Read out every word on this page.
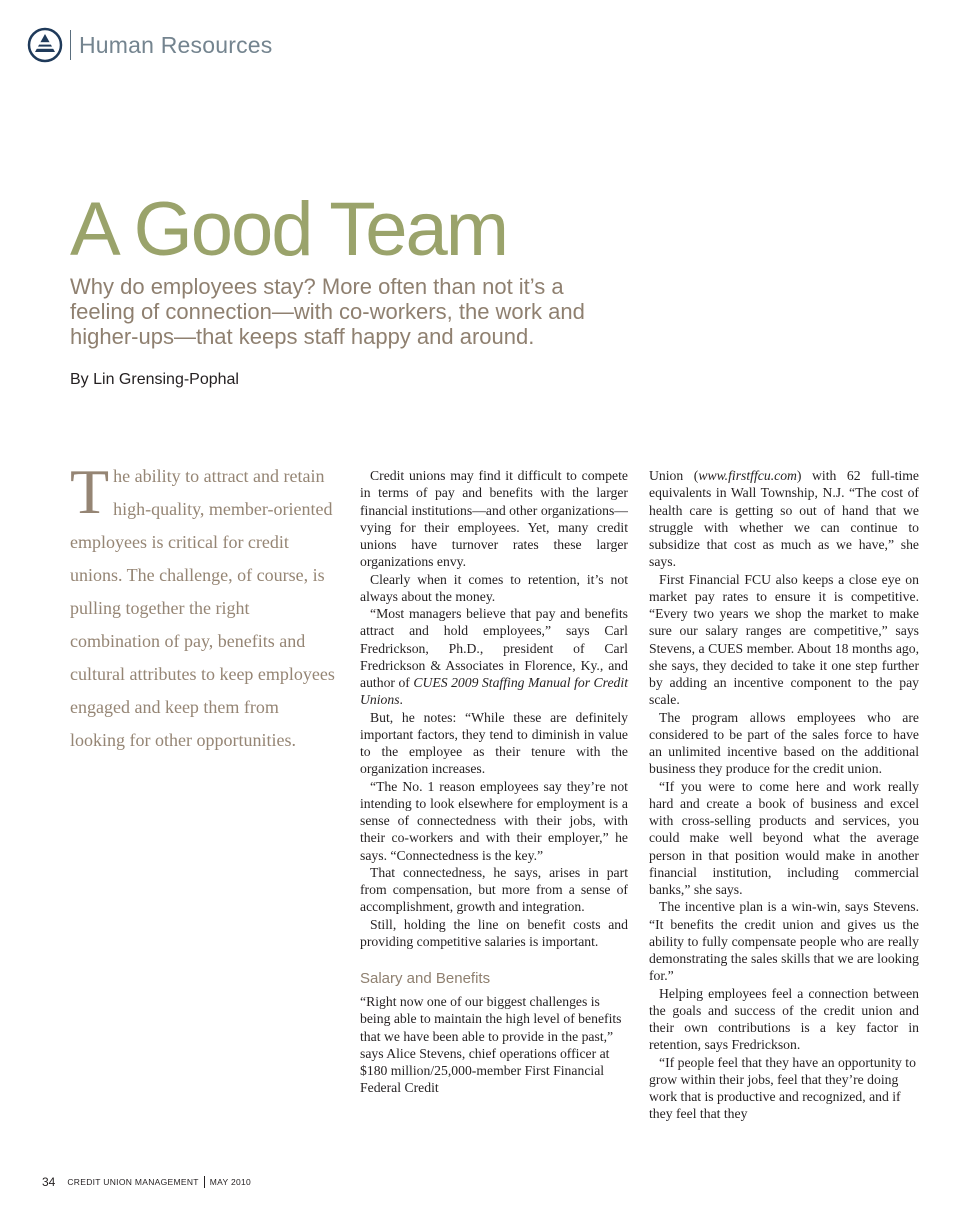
Human Resources
A Good Team

Why do employees stay? More often than not it’s a feeling of connection—with co-workers, the work and higher-ups—that keeps staff happy and around.

By Lin Grensing-Pophal

The ability to attract and retain high-quality, member-oriented employees is critical for credit unions. The challenge, of course, is pulling together the right combination of pay, benefits and cultural attributes to keep employees engaged and keep them from looking for other opportunities.

Credit unions may find it difficult to compete in terms of pay and benefits with the larger financial institutions—and other organizations—vying for their employees. Yet, many credit unions have turnover rates these larger organizations envy.

Clearly when it comes to retention, it’s not always about the money.

“Most managers believe that pay and benefits attract and hold employees,” says Carl Fredrickson, Ph.D., president of Carl Fredrickson & Associates in Florence, Ky., and author of CUES 2009 Staffing Manual for Credit Unions.

But, he notes: “While these are definitely important factors, they tend to diminish in value to the employee as their tenure with the organization increases.

“The No. 1 reason employees say they’re not intending to look elsewhere for employment is a sense of connectedness with their jobs, with their co-workers and with their employer,” he says. “Connectedness is the key.”

That connectedness, he says, arises in part from compensation, but more from a sense of accomplishment, growth and integration.

Still, holding the line on benefit costs and providing competitive salaries is important.

Salary and Benefits

“Right now one of our biggest challenges is being able to maintain the high level of benefits that we have been able to provide in the past,” says Alice Stevens, chief operations officer at $180 million/25,000-member First Financial Federal Credit

Union (www.firstffcu.com) with 62 full-time equivalents in Wall Township, N.J. “The cost of health care is getting so out of hand that we struggle with whether we can continue to subsidize that cost as much as we have,” she says.

First Financial FCU also keeps a close eye on market pay rates to ensure it is competitive. “Every two years we shop the market to make sure our salary ranges are competitive,” says Stevens, a CUES member. About 18 months ago, she says, they decided to take it one step further by adding an incentive component to the pay scale.

The program allows employees who are considered to be part of the sales force to have an unlimited incentive based on the additional business they produce for the credit union.

“If you were to come here and work really hard and create a book of business and excel with cross-selling products and services, you could make well beyond what the average person in that position would make in another financial institution, including commercial banks,” she says.

The incentive plan is a win-win, says Stevens. “It benefits the credit union and gives us the ability to fully compensate people who are really demonstrating the sales skills that we are looking for.”

Helping employees feel a connection between the goals and success of the credit union and their own contributions is a key factor in retention, says Fredrickson.

“If people feel that they have an opportunity to grow within their jobs, feel that they’re doing work that is productive and recognized, and if they feel that they

34 CREDIT UNION MANAGEMENT MAY 2010
